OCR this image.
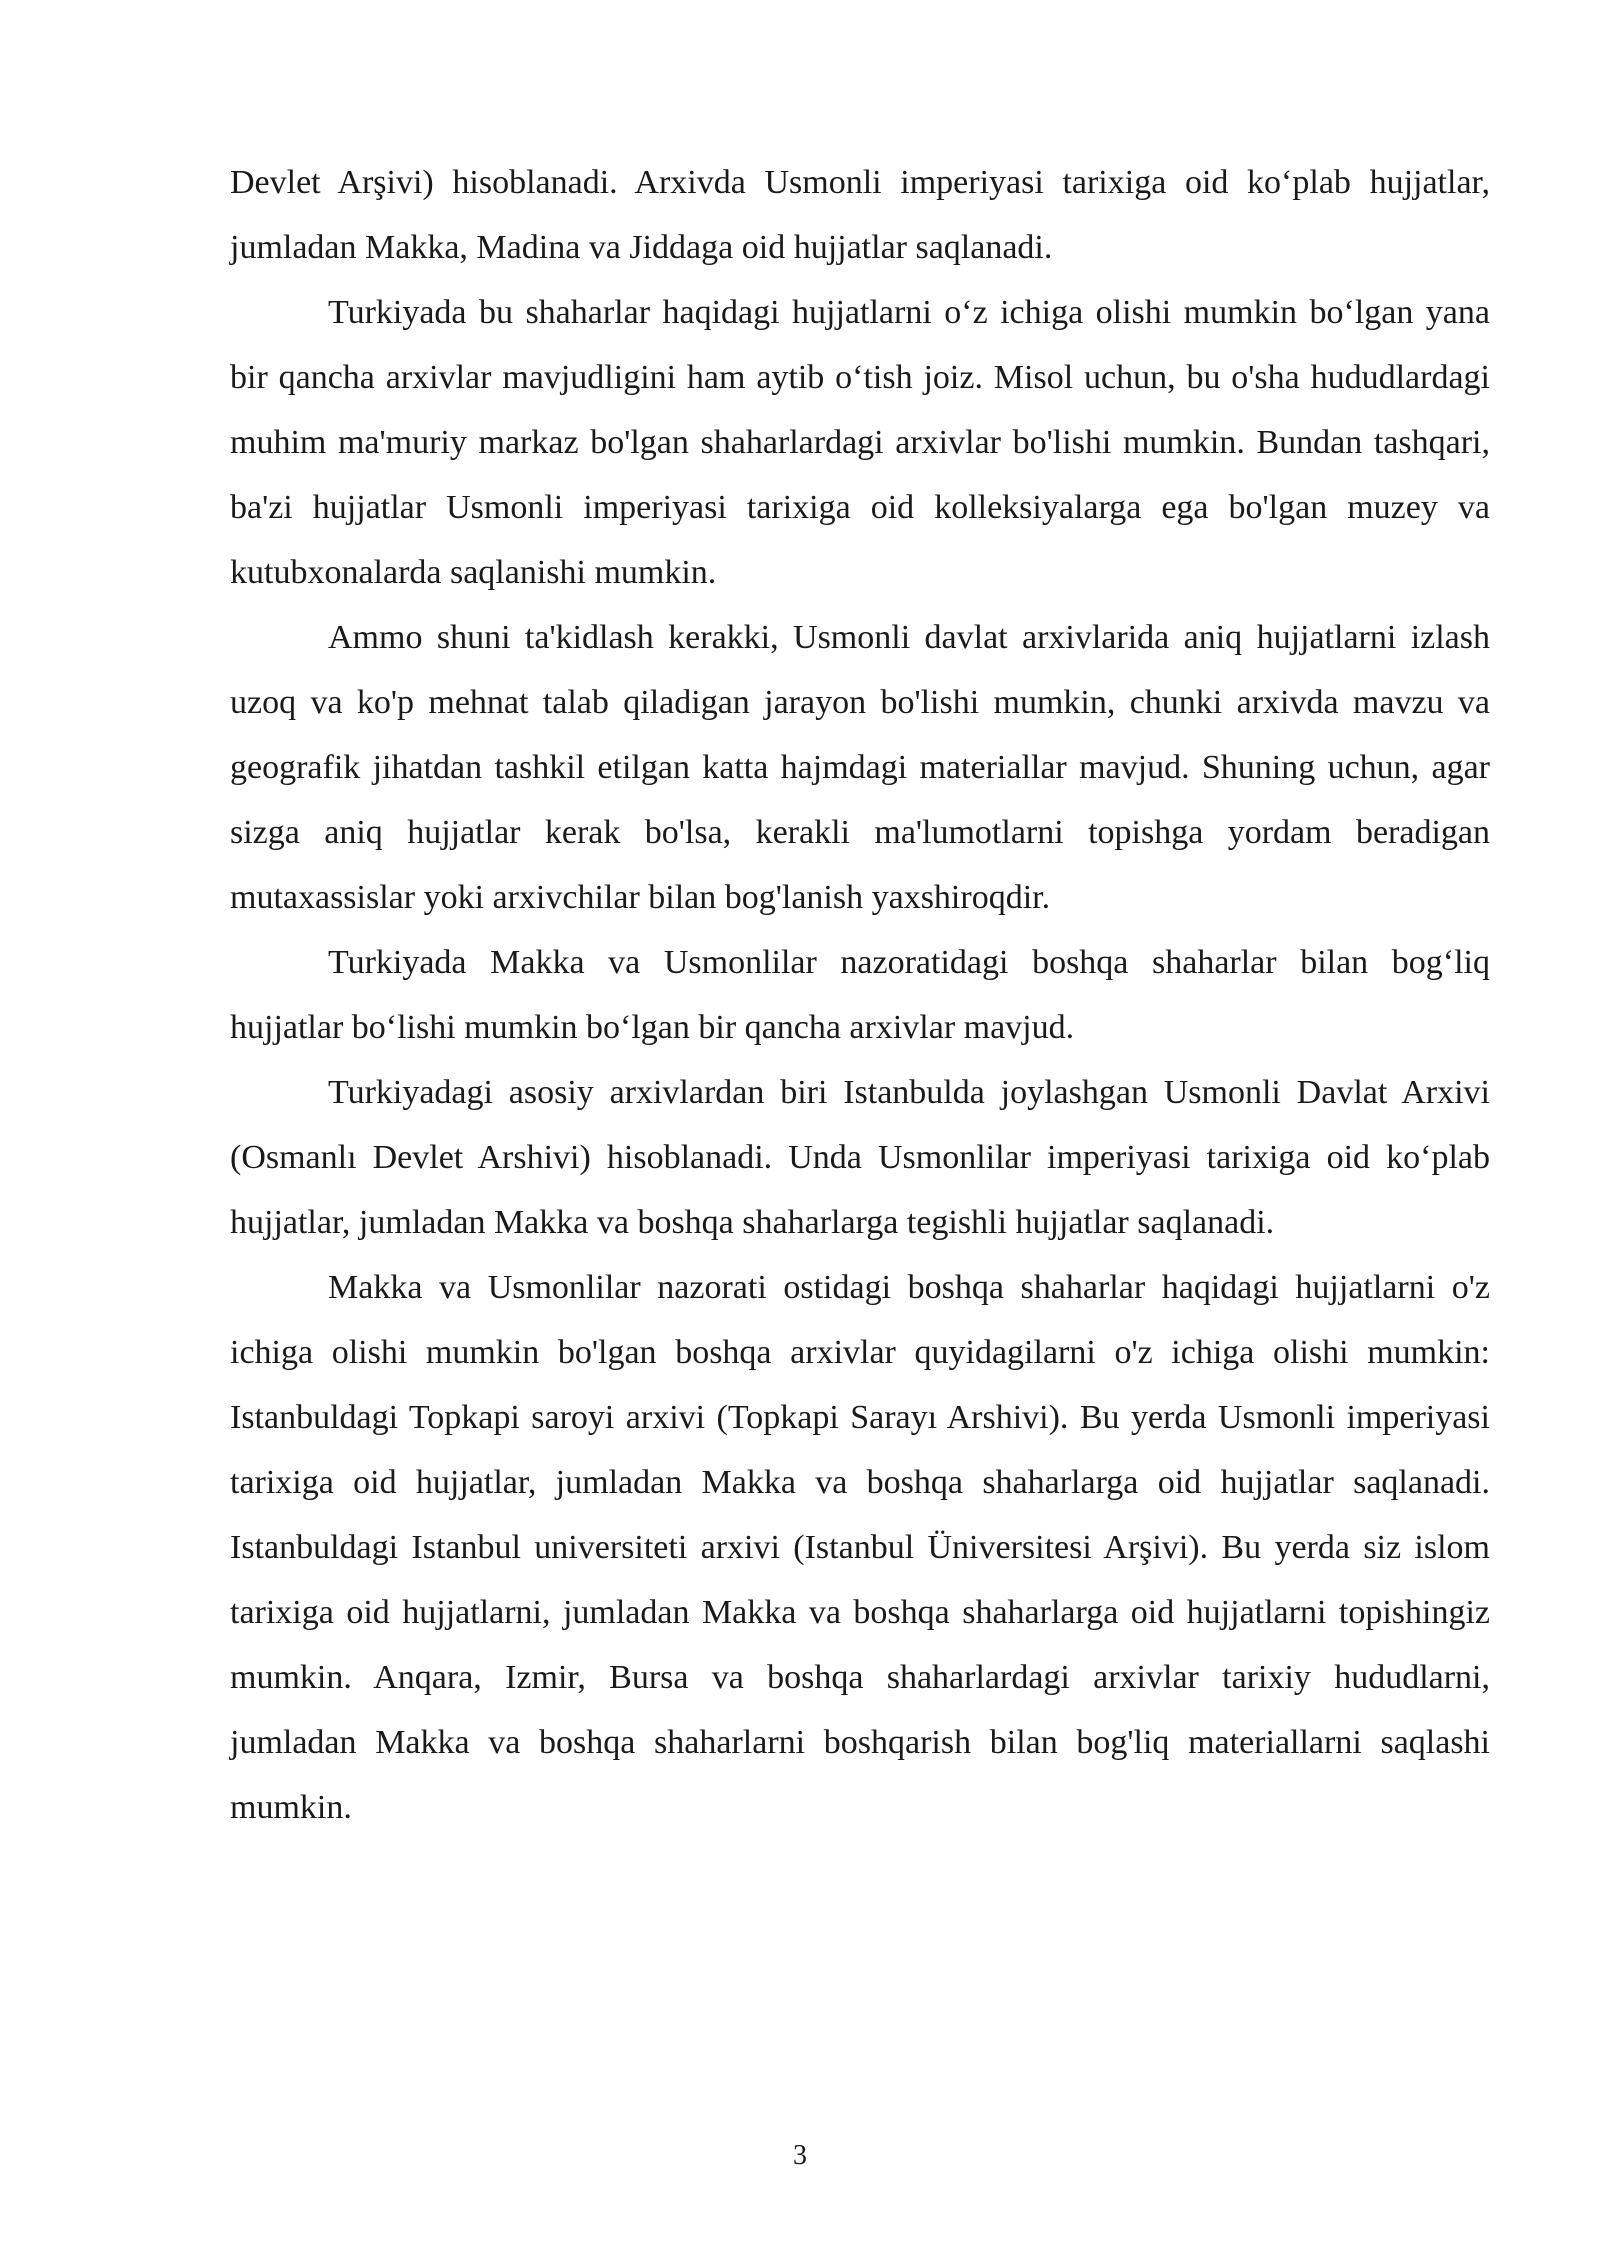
Devlet Arşivi) hisoblanadi. Arxivda Usmonli imperiyasi tarixiga oid ko‘plab hujjatlar, jumladan Makka, Madina va Jiddaga oid hujjatlar saqlanadi.

Turkiyada bu shaharlar haqidagi hujjatlarni o‘z ichiga olishi mumkin bo‘lgan yana bir qancha arxivlar mavjudligini ham aytib o‘tish joiz. Misol uchun, bu o'sha hududlardagi muhim ma'muriy markaz bo'lgan shaharlardagi arxivlar bo'lishi mumkin. Bundan tashqari, ba'zi hujjatlar Usmonli imperiyasi tarixiga oid kolleksiyalarga ega bo'lgan muzey va kutubxonalarda saqlanishi mumkin.

Ammo shuni ta'kidlash kerakki, Usmonli davlat arxivlarida aniq hujjatlarni izlash uzoq va ko'p mehnat talab qiladigan jarayon bo'lishi mumkin, chunki arxivda mavzu va geografik jihatdan tashkil etilgan katta hajmdagi materiallar mavjud. Shuning uchun, agar sizga aniq hujjatlar kerak bo'lsa, kerakli ma'lumotlarni topishga yordam beradigan mutaxassislar yoki arxivchilar bilan bog'lanish yaxshiroqdir.

Turkiyada Makka va Usmonlilar nazoratidagi boshqa shaharlar bilan bog‘liq hujjatlar bo‘lishi mumkin bo‘lgan bir qancha arxivlar mavjud.

Turkiyadagi asosiy arxivlardan biri Istanbulda joylashgan Usmonli Davlat Arxivi (Osmanlı Devlet Arshivi) hisoblanadi. Unda Usmonlilar imperiyasi tarixiga oid ko‘plab hujjatlar, jumladan Makka va boshqa shaharlarga tegishli hujjatlar saqlanadi.

Makka va Usmonlilar nazorati ostidagi boshqa shaharlar haqidagi hujjatlarni o'z ichiga olishi mumkin bo'lgan boshqa arxivlar quyidagilarni o'z ichiga olishi mumkin: Istanbuldagi Topkapi saroyi arxivi (Topkapi Sarayı Arshivi). Bu yerda Usmonli imperiyasi tarixiga oid hujjatlar, jumladan Makka va boshqa shaharlarga oid hujjatlar saqlanadi. Istanbuldagi Istanbul universiteti arxivi (Istanbul Üniversitesi Arşivi). Bu yerda siz islom tarixiga oid hujjatlarni, jumladan Makka va boshqa shaharlarga oid hujjatlarni topishingiz mumkin. Anqara, Izmir, Bursa va boshqa shaharlardagi arxivlar tarixiy hududlarni, jumladan Makka va boshqa shaharlarni boshqarish bilan bog'liq materiallarni saqlashi mumkin.

3
